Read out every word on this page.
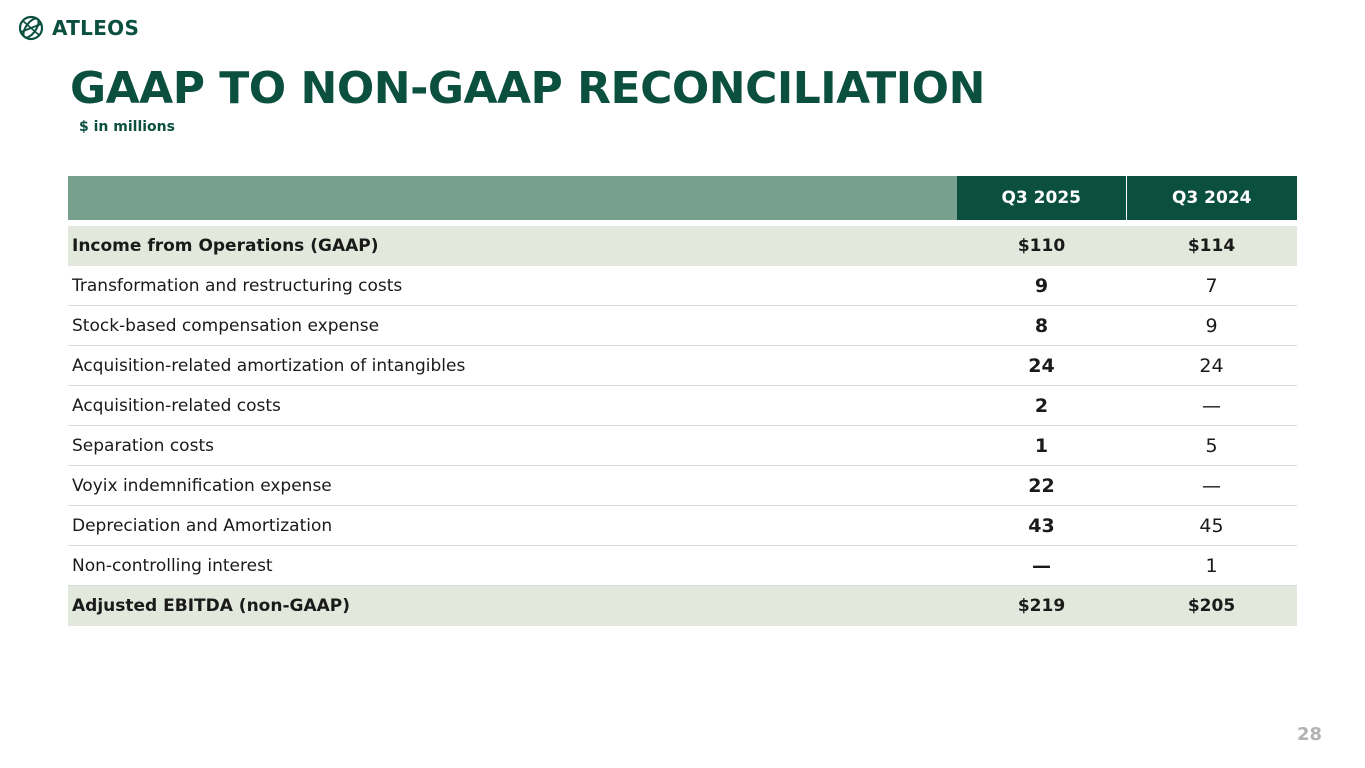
ATLEOS
GAAP TO NON-GAAP RECONCILIATION
$ in millions
	Q3 2025	Q3 2024

Income from Operations (GAAP)	$110	$114
Transformation and restructuring costs	9	7
Stock-based compensation expense	8	9
Acquisition-related amortization of intangibles	24	24
Acquisition-related costs	2	—
Separation costs	1	5
Voyix indemnification expense	22	—
Depreciation and Amortization	43	45
Non-controlling interest	—	1
Adjusted EBITDA (non-GAAP)	$219	$205
28
